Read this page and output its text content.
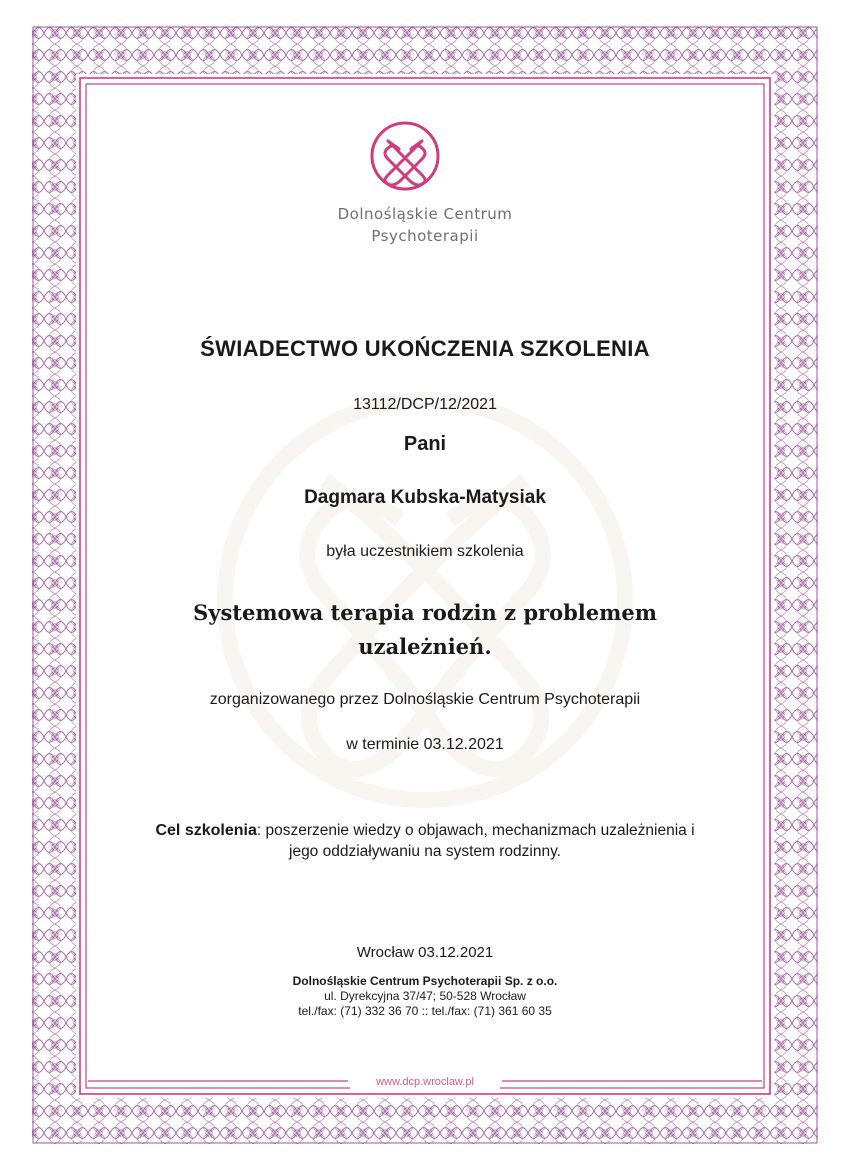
Dolnośląskie Centrum
Psychoterapii
ŚWIADECTWO UKOŃCZENIA SZKOLENIA
13112/DCP/12/2021
Pani
Dagmara Kubska-Matysiak
była uczestnikiem szkolenia
Systemowa terapia rodzin z problemem
uzależnień.
zorganizowanego przez Dolnośląskie Centrum Psychoterapii
w terminie 03.12.2021
Cel szkolenia: poszerzenie wiedzy o objawach, mechanizmach uzależnienia i
jego oddziaływaniu na system rodzinny.
Wrocław 03.12.2021
Dolnośląskie Centrum Psychoterapii Sp. z o.o.
ul. Dyrekcyjna 37/47; 50-528 Wrocław
tel./fax: (71) 332 36 70 :: tel./fax: (71) 361 60 35
www.dcp.wroclaw.pl
